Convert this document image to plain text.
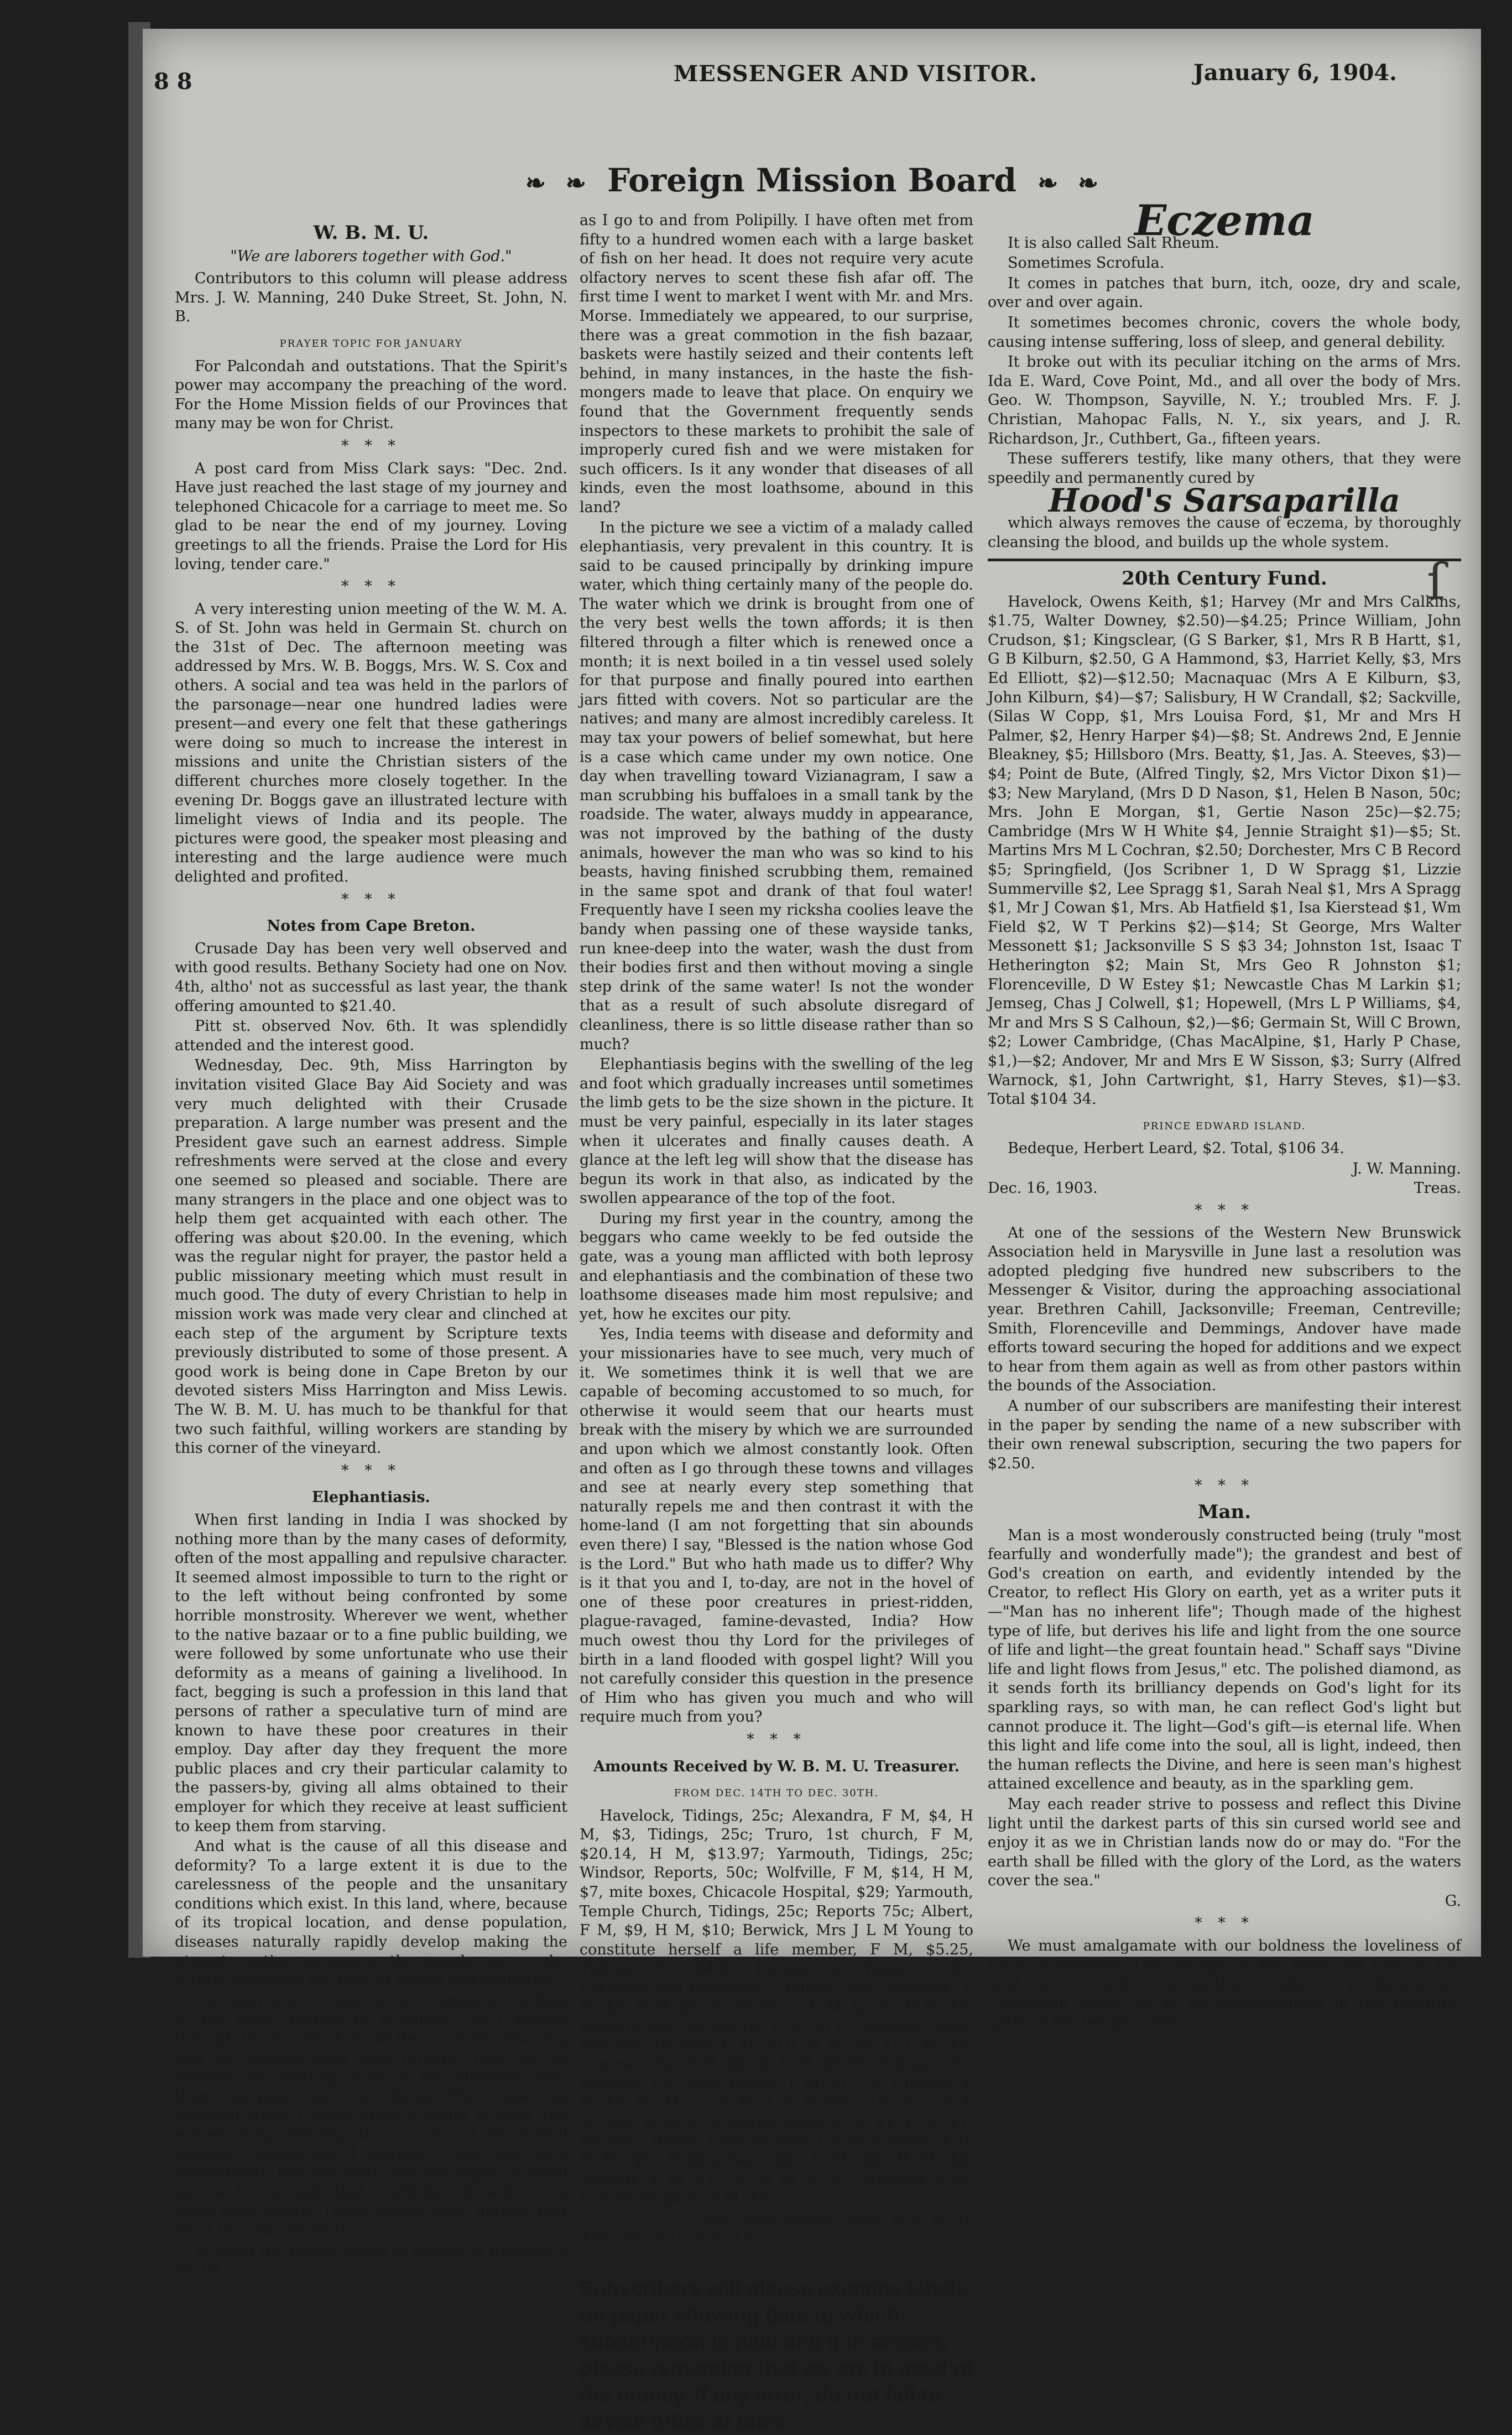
8 8	MESSENGER AND VISITOR.	January 6, 1904.
❧ ❧ Foreign Mission Board ❧ ❧
W. B. M. U.
"We are laborers together with God."

Contributors to this column will please address Mrs. J. W. Manning, 240 Duke Street, St. John, N. B.

PRAYER TOPIC FOR JANUARY

For Palcondah and outstations. That the Spirit's power may accompany the preaching of the word. For the Home Mission fields of our Provinces that many may be won for Christ.

* * *

A post card from Miss Clark says: "Dec. 2nd. Have just reached the last stage of my journey and telephoned Chicacole for a carriage to meet me. So glad to be near the end of my journey. Loving greetings to all the friends. Praise the Lord for His loving, tender care."

* * *

A very interesting union meeting of the W. M. A. S. of St. John was held in Germain St. church on the 31st of Dec. The afternoon meeting was addressed by Mrs. W. B. Boggs, Mrs. W. S. Cox and others. A social and tea was held in the parlors of the parsonage—near one hundred ladies were present—and every one felt that these gatherings were doing so much to increase the interest in missions and unite the Christian sisters of the different churches more closely together. In the evening Dr. Boggs gave an illustrated lecture with limelight views of India and its people. The pictures were good, the speaker most pleasing and interesting and the large audience were much delighted and profited.

* * *
Notes from Cape Breton.

Crusade Day has been very well observed and with good results. Bethany Society had one on Nov. 4th, altho' not as successful as last year, the thank offering amounted to $21.40.

Pitt st. observed Nov. 6th. It was splendidly attended and the interest good.

Wednesday, Dec. 9th, Miss Harrington by invitation visited Glace Bay Aid Society and was very much delighted with their Crusade preparation. A large number was present and the President gave such an earnest address. Simple refreshments were served at the close and every one seemed so pleased and sociable. There are many strangers in the place and one object was to help them get acquainted with each other. The offering was about $20.00. In the evening, which was the regular night for prayer, the pastor held a public missionary meeting which must result in much good. The duty of every Christian to help in mission work was made very clear and clinched at each step of the argument by Scripture texts previously distributed to some of those present. A good work is being done in Cape Breton by our devoted sisters Miss Harrington and Miss Lewis. The W. B. M. U. has much to be thankful for that two such faithful, willing workers are standing by this corner of the vineyard.

* * *
Elephantiasis.

When first landing in India I was shocked by nothing more than by the many cases of deformity, often of the most appalling and repulsive character. It seemed almost impossible to turn to the right or to the left without being confronted by some horrible monstrosity. Wherever we went, whether to the native bazaar or to a fine public building, we were followed by some unfortunate who use their deformity as a means of gaining a livelihood. In fact, begging is such a profession in this land that persons of rather a speculative turn of mind are known to have these poor creatures in their employ. Day after day they frequent the more public places and cry their particular calamity to the passers-by, giving all alms obtained to their employer for which they receive at least sufficient to keep them from starving.

And what is the cause of all this disease and deformity? To a large extent it is due to the carelessness of the people and the unsanitary conditions which exist. In this land, where, because of its tropical location, and dense population, diseases naturally rapidly develop making the utmost caution necessary, the people, as a rule, utterly disregard the laws of health and sanitation.

Not long since I went to an evangelistic school in the male quarter of a village. As I passed through the hamlet, I found the air most sickening and my handkerchief was brought into use to prevent my inhaling more of the offensive odor than was positively unavoidable. The cause was revealed when I came upon a group of men and women busy dividing the carcass of an animal amongst themselves. I learned it had not been slaughtered, but had died; and my organ of smell led me to conclude that death had done its work some time before. These people were getting that meat to cook and eat!!

To meet the people going to market is frequently my lot

as I go to and from Polipilly. I have often met from fifty to a hundred women each with a large basket of fish on her head. It does not require very acute olfactory nerves to scent these fish afar off. The first time I went to market I went with Mr. and Mrs. Morse. Immediately we appeared, to our surprise, there was a great commotion in the fish bazaar, baskets were hastily seized and their contents left behind, in many instances, in the haste the fish-mongers made to leave that place. On enquiry we found that the Government frequently sends inspectors to these markets to prohibit the sale of improperly cured fish and we were mistaken for such officers. Is it any wonder that diseases of all kinds, even the most loathsome, abound in this land?

In the picture we see a victim of a malady called elephantiasis, very prevalent in this country. It is said to be caused principally by drinking impure water, which thing certainly many of the people do. The water which we drink is brought from one of the very best wells the town affords; it is then filtered through a filter which is renewed once a month; it is next boiled in a tin vessel used solely for that purpose and finally poured into earthen jars fitted with covers. Not so particular are the natives; and many are almost incredibly careless. It may tax your powers of belief somewhat, but here is a case which came under my own notice. One day when travelling toward Vizianagram, I saw a man scrubbing his buffaloes in a small tank by the roadside. The water, always muddy in appearance, was not improved by the bathing of the dusty animals, however the man who was so kind to his beasts, having finished scrubbing them, remained in the same spot and drank of that foul water! Frequently have I seen my ricksha coolies leave the bandy when passing one of these wayside tanks, run knee-deep into the water, wash the dust from their bodies first and then without moving a single step drink of the same water! Is not the wonder that as a result of such absolute disregard of cleanliness, there is so little disease rather than so much?

Elephantiasis begins with the swelling of the leg and foot which gradually increases until sometimes the limb gets to be the size shown in the picture. It must be very painful, especially in its later stages when it ulcerates and finally causes death. A glance at the left leg will show that the disease has begun its work in that also, as indicated by the swollen appearance of the top of the foot.

During my first year in the country, among the beggars who came weekly to be fed outside the gate, was a young man afflicted with both leprosy and elephantiasis and the combination of these two loathsome diseases made him most repulsive; and yet, how he excites our pity.

Yes, India teems with disease and deformity and your missionaries have to see much, very much of it. We sometimes think it is well that we are capable of becoming accustomed to so much, for otherwise it would seem that our hearts must break with the misery by which we are surrounded and upon which we almost constantly look. Often and often as I go through these towns and villages and see at nearly every step something that naturally repels me and then contrast it with the home-land (I am not forgetting that sin abounds even there) I say, "Blessed is the nation whose God is the Lord." But who hath made us to differ? Why is it that you and I, to-day, are not in the hovel of one of these poor creatures in priest-ridden, plague-ravaged, famine-devasted, India? How much owest thou thy Lord for the privileges of birth in a land flooded with gospel light? Will you not carefully consider this question in the presence of Him who has given you much and who will require much from you?

* * *
Amounts Received by W. B. M. U. Treasurer.
FROM DEC. 14TH TO DEC. 30TH.

Havelock, Tidings, 25c; Alexandra, F M, $4, H M, $3, Tidings, 25c; Truro, 1st church, F M, $20.14, H M, $13.97; Yarmouth, Tidings, 25c; Windsor, Reports, 50c; Wolfville, F M, $14, H M, $7, mite boxes, Chicacole Hospital, $29; Yarmouth, Temple Church, Tidings, 25c; Reports 75c; Albert, F M, $9, H M, $10; Berwick, Mrs J L M Young to constitute herself a life member, F M, $5.25, Tidings, 25c, $4.05, Tidings 25c, Reports, 10c; Lakeville and Parrsboro, Tidings, 25c; Torbrook, F M, $6, H M, $5; North River, F M, $3.50, H M, $3, Reports 50c; Aylesford, F M $11, Chelsea, Mass, Mrs Wm Bentley, F M, $10, H M, $5, G L M, $5; Summerville, F M, $8.36, H M, $5.25, Tidings, 25c, Reports, 15c; New Tusket, F M, $12.76; Chelsea, F M, $5; Doaktown, F M, $10; Halifax, 1st Church, F M, $20, H M, $10; Argyle Head, F M, $1, H M, $1; Harper's Brook, towards Miss Clarke's salary, $10, H M, $6; Middle Sackville, F M, $8, H M, $8; Nictaux, F M, $15.78, H M, $2.52; Windsor, F M, $27; Riverglade, F M, $8.

Mrs. Mary Smith, Treas. W. B. M. U.
Amherst, P. O. Box 513.
* * *
Subscribers will please examine labels on paper showing date to which subscription is paid and if in arrears, please remember that we are in need of the money. If any error, do not fail to advise office at once.
Eczema

It is also called Salt Rheum.

Sometimes Scrofula.

It comes in patches that burn, itch, ooze, dry and scale, over and over again.

It sometimes becomes chronic, covers the whole body, causing intense suffering, loss of sleep, and general debility.

It broke out with its peculiar itching on the arms of Mrs. Ida E. Ward, Cove Point, Md., and all over the body of Mrs. Geo. W. Thompson, Sayville, N. Y.; troubled Mrs. F. J. Christian, Mahopac Falls, N. Y., six years, and J. R. Richardson, Jr., Cuthbert, Ga., fifteen years.

These sufferers testify, like many others, that they were speedily and permanently cured by

Hood's Sarsaparilla

which always removes the cause of eczema, by thoroughly cleansing the blood, and builds up the whole system.

20th Century Fund.

Havelock, Owens Keith, $1; Harvey (Mr and Mrs Calkins, $1.75, Walter Downey, $2.50)—$4.25; Prince William, John Crudson, $1; Kingsclear, (G S Barker, $1, Mrs R B Hartt, $1, G B Kilburn, $2.50, G A Hammond, $3, Harriet Kelly, $3, Mrs Ed Elliott, $2)—$12.50; Macnaquac (Mrs A E Kilburn, $3, John Kilburn, $4)—$7; Salisbury, H W Crandall, $2; Sackville, (Silas W Copp, $1, Mrs Louisa Ford, $1, Mr and Mrs H Palmer, $2, Henry Harper $4)—$8; St. Andrews 2nd, E Jennie Bleakney, $5; Hillsboro (Mrs. Beatty, $1, Jas. A. Steeves, $3)—$4; Point de Bute, (Alfred Tingly, $2, Mrs Victor Dixon $1)—$3; New Maryland, (Mrs D D Nason, $1, Helen B Nason, 50c; Mrs. John E Morgan, $1, Gertie Nason 25c)—$2.75; Cambridge (Mrs W H White $4, Jennie Straight $1)—$5; St. Martins Mrs M L Cochran, $2.50; Dorchester, Mrs C B Record $5; Springfield, (Jos Scribner 1, D W Spragg $1, Lizzie Summerville $2, Lee Spragg $1, Sarah Neal $1, Mrs A Spragg $1, Mr J Cowan $1, Mrs. Ab Hatfield $1, Isa Kierstead $1, Wm Field $2, W T Perkins $2)—$14; St George, Mrs Walter Messonett $1; Jacksonville S S $3 34; Johnston 1st, Isaac T Hetherington $2; Main St, Mrs Geo R Johnston $1; Florenceville, D W Estey $1; Newcastle Chas M Larkin $1; Jemseg, Chas J Colwell, $1; Hopewell, (Mrs L P Williams, $4, Mr and Mrs S S Calhoun, $2,)—$6; Germain St, Will C Brown, $2; Lower Cambridge, (Chas MacAlpine, $1, Harly P Chase, $1,)—$2; Andover, Mr and Mrs E W Sisson, $3; Surry (Alfred Warnock, $1, John Cartwright, $1, Harry Steves, $1)—$3. Total $104 34.

PRINCE EDWARD ISLAND.

Bedeque, Herbert Leard, $2. Total, $106 34.

J. W. Manning.
Dec. 16, 1903.	Treas.
* * *

At one of the sessions of the Western New Brunswick Association held in Marysville in June last a resolution was adopted pledging five hundred new subscribers to the Messenger & Visitor, during the approaching associational year. Brethren Cahill, Jacksonville; Freeman, Centreville; Smith, Florenceville and Demmings, Andover have made efforts toward securing the hoped for additions and we expect to hear from them again as well as from other pastors within the bounds of the Association.

A number of our subscribers are manifesting their interest in the paper by sending the name of a new subscriber with their own renewal subscription, securing the two papers for $2.50.

* * *
Man.

Man is a most wonderously constructed being (truly "most fearfully and wonderfully made"); the grandest and best of God's creation on earth, and evidently intended by the Creator, to reflect His Glory on earth, yet as a writer puts it—"Man has no inherent life"; Though made of the highest type of life, but derives his life and light from the one source of life and light—the great fountain head." Schaff says "Divine life and light flows from Jesus," etc. The polished diamond, as it sends forth its brilliancy depends on God's light for its sparkling rays, so with man, he can reflect God's light but cannot produce it. The light—God's gift—is eternal life. When this light and life come into the soul, all is light, indeed, then the human reflects the Divine, and here is seen man's highest attained excellence and beauty, as in the sparkling gem.

May each reader strive to possess and reflect this Divine light until the darkest parts of this sin cursed world see and enjoy it as we in Christian lands now do or may do. "For the earth shall be filled with the glory of the Lord, as the waters cover the sea."

G.
* * *

We must amalgamate with our boldness the loveliness of Jesus' disposition. Let courage be the brass, let love be the gold. Let us mix the two together; so shall we produce a rich Corinthian metal, fit to be manufactured in the beautiful gates of the temple.—Sel.

ſ
